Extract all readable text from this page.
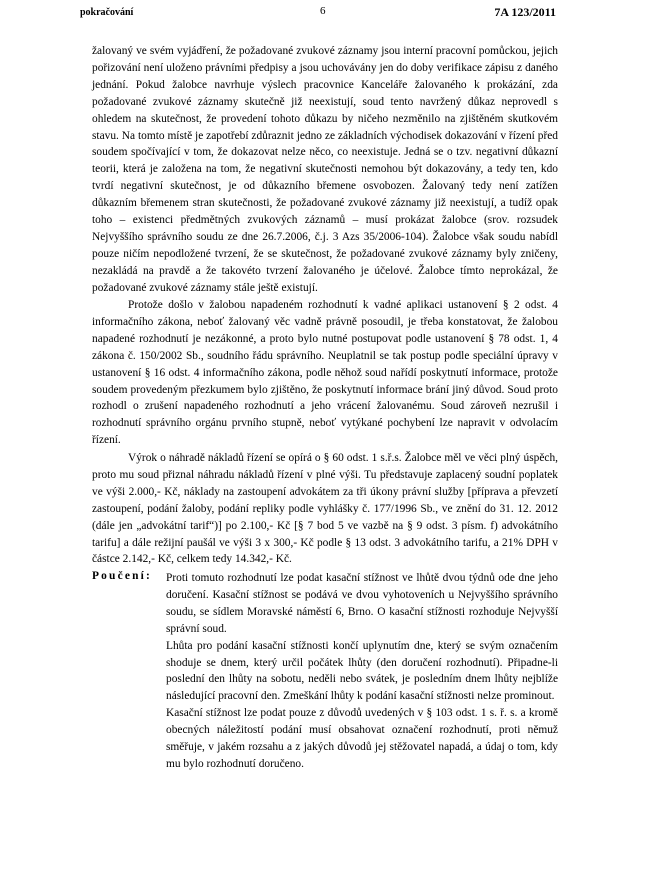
pokračování	6	7A 123/2011

žalovaný ve svém vyjádření, že požadované zvukové záznamy jsou interní pracovní pomůckou, jejich pořizování není uloženo právními předpisy a jsou uchovávány jen do doby verifikace zápisu z daného jednání. Pokud žalobce navrhuje výslech pracovnice Kanceláře žalovaného k prokázání, zda požadované zvukové záznamy skutečně již neexistují, soud tento navržený důkaz neprovedl s ohledem na skutečnost, že provedení tohoto důkazu by ničeho nezměnilo na zjištěném skutkovém stavu. Na tomto místě je zapotřebí zdůraznit jedno ze základních východisek dokazování v řízení před soudem spočívající v tom, že dokazovat nelze něco, co neexistuje. Jedná se o tzv. negativní důkazní teorii, která je založena na tom, že negativní skutečnosti nemohou být dokazovány, a tedy ten, kdo tvrdí negativní skutečnost, je od důkazního břemene osvobozen. Žalovaný tedy není zatížen důkazním břemenem stran skutečnosti, že požadované zvukové záznamy již neexistují, a tudíž opak toho – existenci předmětných zvukových záznamů – musí prokázat žalobce (srov. rozsudek Nejvyššího správního soudu ze dne 26.7.2006, č.j. 3 Azs 35/2006-104). Žalobce však soudu nabídl pouze ničím nepodložené tvrzení, že se skutečnost, že požadované zvukové záznamy byly zničeny, nezakládá na pravdě a že takovéto tvrzení žalovaného je účelové. Žalobce tímto neprokázal, že požadované zvukové záznamy stále ještě existují.

Protože došlo v žalobou napadeném rozhodnutí k vadné aplikaci ustanovení § 2 odst. 4 informačního zákona, neboť žalovaný věc vadně právně posoudil, je třeba konstatovat, že žalobou napadené rozhodnutí je nezákonné, a proto bylo nutné postupovat podle ustanovení § 78 odst. 1, 4 zákona č. 150/2002 Sb., soudního řádu správního. Neuplatnil se tak postup podle speciální úpravy v ustanovení § 16 odst. 4 informačního zákona, podle něhož soud nařídí poskytnutí informace, protože soudem provedeným přezkumem bylo zjištěno, že poskytnutí informace brání jiný důvod. Soud proto rozhodl o zrušení napadeného rozhodnutí a jeho vrácení žalovanému. Soud zároveň nezrušil i rozhodnutí správního orgánu prvního stupně, neboť vytýkané pochybení lze napravit v odvolacím řízení.

Výrok o náhradě nákladů řízení se opírá o § 60 odst. 1 s.ř.s. Žalobce měl ve věci plný úspěch, proto mu soud přiznal náhradu nákladů řízení v plné výši. Tu představuje zaplacený soudní poplatek ve výši 2.000,- Kč, náklady na zastoupení advokátem za tři úkony právní služby [příprava a převzetí zastoupení, podání žaloby, podání repliky podle vyhlášky č. 177/1996 Sb., ve znění do 31. 12. 2012 (dále jen „advokátní tarif“)] po 2.100,- Kč [§ 7 bod 5 ve vazbě na § 9 odst. 3 písm. f) advokátního tarifu] a dále režijní paušál ve výši 3 x 300,- Kč podle § 13 odst. 3 advokátního tarifu, a 21% DPH v částce 2.142,- Kč, celkem tedy 14.342,- Kč.

Poučení: Proti tomuto rozhodnutí lze podat kasační stížnost ve lhůtě dvou týdnů ode dne jeho doručení. Kasační stížnost se podává ve dvou vyhotoveních u Nejvyššího správního soudu, se sídlem Moravské náměstí 6, Brno. O kasační stížnosti rozhoduje Nejvyšší správní soud.

Lhůta pro podání kasační stížnosti končí uplynutím dne, který se svým označením shoduje se dnem, který určil počátek lhůty (den doručení rozhodnutí). Připadne-li poslední den lhůty na sobotu, neděli nebo svátek, je posledním dnem lhůty nejblíže následující pracovní den. Zmeškání lhůty k podání kasační stížnosti nelze prominout.

Kasační stížnost lze podat pouze z důvodů uvedených v § 103 odst. 1 s. ř. s. a kromě obecných náležitostí podání musí obsahovat označení rozhodnutí, proti němuž směřuje, v jakém rozsahu a z jakých důvodů jej stěžovatel napadá, a údaj o tom, kdy mu bylo rozhodnutí doručeno.
